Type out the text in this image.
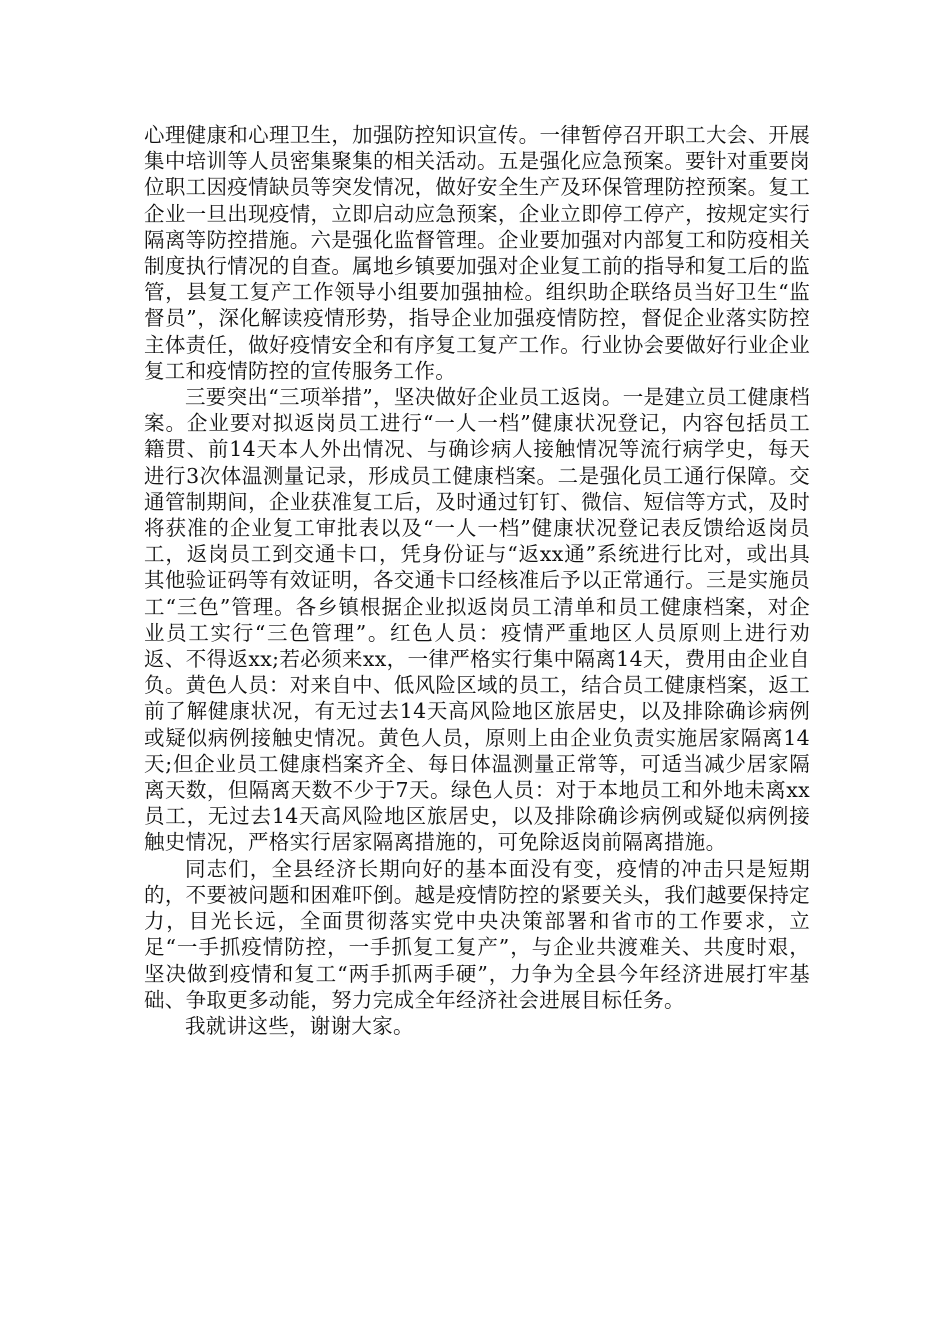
心理健康和心理卫生，加强防控知识宣传。一律暂停召开职工大会、开展集中培训等人员密集聚集的相关活动。五是强化应急预案。要针对重要岗位职工因疫情缺员等突发情况，做好安全生产及环保管理防控预案。复工企业一旦出现疫情，立即启动应急预案，企业立即停工停产，按规定实行隔离等防控措施。六是强化监督管理。企业要加强对内部复工和防疫相关制度执行情况的自查。属地乡镇要加强对企业复工前的指导和复工后的监管，县复工复产工作领导小组要加强抽检。组织助企联络员当好卫生“监督员”，深化解读疫情形势，指导企业加强疫情防控，督促企业落实防控主体责任，做好疫情安全和有序复工复产工作。行业协会要做好行业企业复工和疫情防控的宣传服务工作。

三要突出“三项举措”，坚决做好企业员工返岗。一是建立员工健康档案。企业要对拟返岗员工进行“一人一档”健康状况登记，内容包括员工籍贯、前14天本人外出情况、与确诊病人接触情况等流行病学史，每天进行3次体温测量记录，形成员工健康档案。二是强化员工通行保障。交通管制期间，企业获准复工后，及时通过钉钉、微信、短信等方式，及时将获准的企业复工审批表以及“一人一档”健康状况登记表反馈给返岗员工，返岗员工到交通卡口，凭身份证与“返xx通”系统进行比对，或出具其他验证码等有效证明，各交通卡口经核准后予以正常通行。三是实施员工“三色”管理。各乡镇根据企业拟返岗员工清单和员工健康档案，对企业员工实行“三色管理”。红色人员：疫情严重地区人员原则上进行劝返、不得返xx;若必须来xx，一律严格实行集中隔离14天，费用由企业自负。黄色人员：对来自中、低风险区域的员工，结合员工健康档案，返工前了解健康状况，有无过去14天高风险地区旅居史，以及排除确诊病例或疑似病例接触史情况。黄色人员，原则上由企业负责实施居家隔离14天;但企业员工健康档案齐全、每日体温测量正常等，可适当减少居家隔离天数，但隔离天数不少于7天。绿色人员：对于本地员工和外地未离xx员工，无过去14天高风险地区旅居史，以及排除确诊病例或疑似病例接触史情况，严格实行居家隔离措施的，可免除返岗前隔离措施。

同志们，全县经济长期向好的基本面没有变，疫情的冲击只是短期的，不要被问题和困难吓倒。越是疫情防控的紧要关头，我们越要保持定力，目光长远，全面贯彻落实党中央决策部署和省市的工作要求，立足“一手抓疫情防控，一手抓复工复产”，与企业共渡难关、共度时艰，坚决做到疫情和复工“两手抓两手硬”，力争为全县今年经济进展打牢基础、争取更多动能，努力完成全年经济社会进展目标任务。

我就讲这些，谢谢大家。
